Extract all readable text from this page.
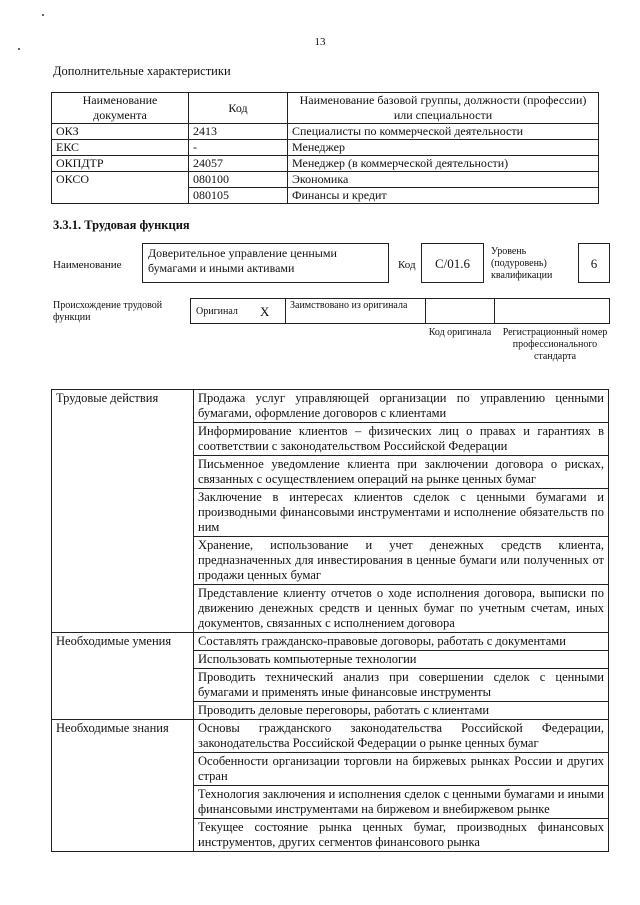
13
Дополнительные характеристики
Наименование документа	Код	Наименование базовой группы, должности (профессии) или специальности
ОКЗ	2413	Специалисты по коммерческой деятельности
ЕКС	-	Менеджер
ОКПДТР	24057	Менеджер (в коммерческой деятельности)
ОКСО	080100	Экономика
	080105	Финансы и кредит
3.3.1. Трудовая функция
Наименование
Доверительное управление ценными бумагами и иными активами	Код C/01.6
Уровень (подуровень) квалификации
6
Происхождение трудовой функции
Оригинал X Заимствовано из оригинала
Код оригинала	Регистрационный номер профессионального стандарта
Трудовые действия	Продажа услуг управляющей организации по управлению ценными бумагами, оформление договоров с клиентами
	Информирование клиентов – физических лиц о правах и гарантиях в соответствии с законодательством Российской Федерации
	Письменное уведомление клиента при заключении договора о рисках, связанных с осуществлением операций на рынке ценных бумаг
	Заключение в интересах клиентов сделок с ценными бумагами и производными финансовыми инструментами и исполнение обязательств по ним
	Хранение, использование и учет денежных средств клиента, предназначенных для инвестирования в ценные бумаги или полученных от продажи ценных бумаг
	Представление клиенту отчетов о ходе исполнения договора, выписки по движению денежных средств и ценных бумаг по учетным счетам, иных документов, связанных с исполнением договора
Необходимые умения	Составлять гражданско-правовые договоры, работать с документами
	Использовать компьютерные технологии
	Проводить технический анализ при совершении сделок с ценными бумагами и применять иные финансовые инструменты
	Проводить деловые переговоры, работать с клиентами
Необходимые знания	Основы гражданского законодательства Российской Федерации, законодательства Российской Федерации о рынке ценных бумаг
	Особенности организации торговли на биржевых рынках России и других стран
	Технология заключения и исполнения сделок с ценными бумагами и иными финансовыми инструментами на биржевом и внебиржевом рынке
	Текущее состояние рынка ценных бумаг, производных финансовых инструментов, других сегментов финансового рынка
